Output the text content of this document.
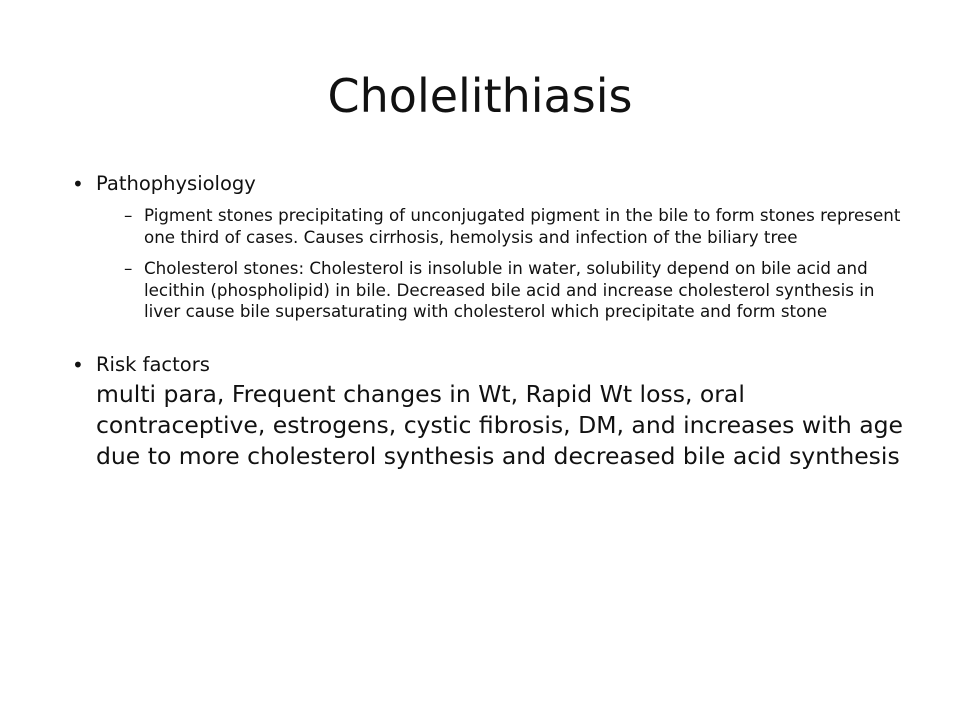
Cholelithiasis
• Pathophysiology
– Pigment stones precipitating of unconjugated pigment in the bile to form stones represent one third of cases. Causes cirrhosis, hemolysis and infection of the biliary tree
– Cholesterol stones: Cholesterol is insoluble in water, solubility depend on bile acid and lecithin (phospholipid) in bile. Decreased bile acid and increase cholesterol synthesis in liver cause bile supersaturating with cholesterol which precipitate and form stone
• Risk factors
multi para, Frequent changes in Wt, Rapid Wt loss, oral contraceptive, estrogens, cystic fibrosis, DM, and increases with age due to more cholesterol synthesis and decreased bile acid synthesis
